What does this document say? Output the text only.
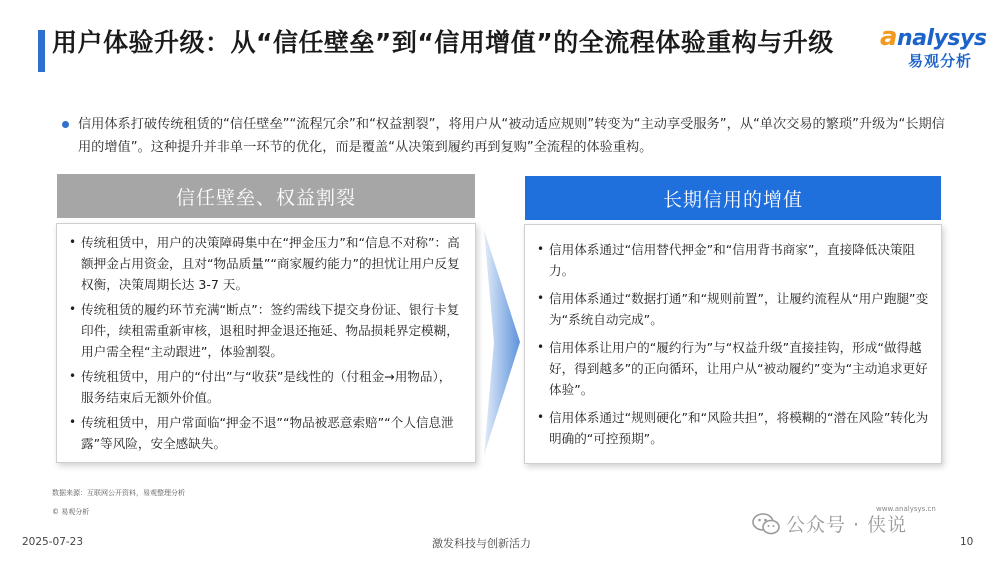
用户体验升级：从“信任壁垒”到“信用增值”的全流程体验重构与升级	analysys
易观分析
信用体系打破传统租赁的“信任壁垒”“流程冗余”和“权益割裂”，将用户从“被动适应规则”转变为“主动享受服务”，从“单次交易的繁琐”升级为“长期信用的增值”。这种提升并非单一环节的优化，而是覆盖“从决策到履约再到复购”全流程的体验重构。
信任壁垒、权益割裂
• 传统租赁中，用户的决策障碍集中在“押金压力”和“信息不对称”：高额押金占用资金，且对“物品质量”“商家履约能力”的担忧让用户反复权衡，决策周期长达 3-7 天。
• 传统租赁的履约环节充满“断点”：签约需线下提交身份证、银行卡复印件，续租需重新审核，退租时押金退还拖延、物品损耗界定模糊，用户需全程“主动跟进”，体验割裂。
• 传统租赁中，用户的“付出”与“收获”是线性的（付租金→用物品），服务结束后无额外价值。
• 传统租赁中，用户常面临“押金不退”“物品被恶意索赔”“个人信息泄露”等风险，安全感缺失。
长期信用的增值
• 信用体系通过“信用替代押金”和“信用背书商家”，直接降低决策阻力。
• 信用体系通过“数据打通”和“规则前置”，让履约流程从“用户跑腿”变为“系统自动完成”。
• 信用体系让用户的“履约行为”与“权益升级”直接挂钩，形成“做得越好，得到越多”的正向循环，让用户从“被动履约”变为“主动追求更好体验”。
• 信用体系通过“规则硬化”和“风险共担”，将模糊的“潜在风险”转化为明确的“可控预期”。
数据来源：互联网公开资料，易观整理分析
© 易观分析	www.analysys.cn
公众号 · 侠说
2025-07-23	激发科技与创新活力	10
